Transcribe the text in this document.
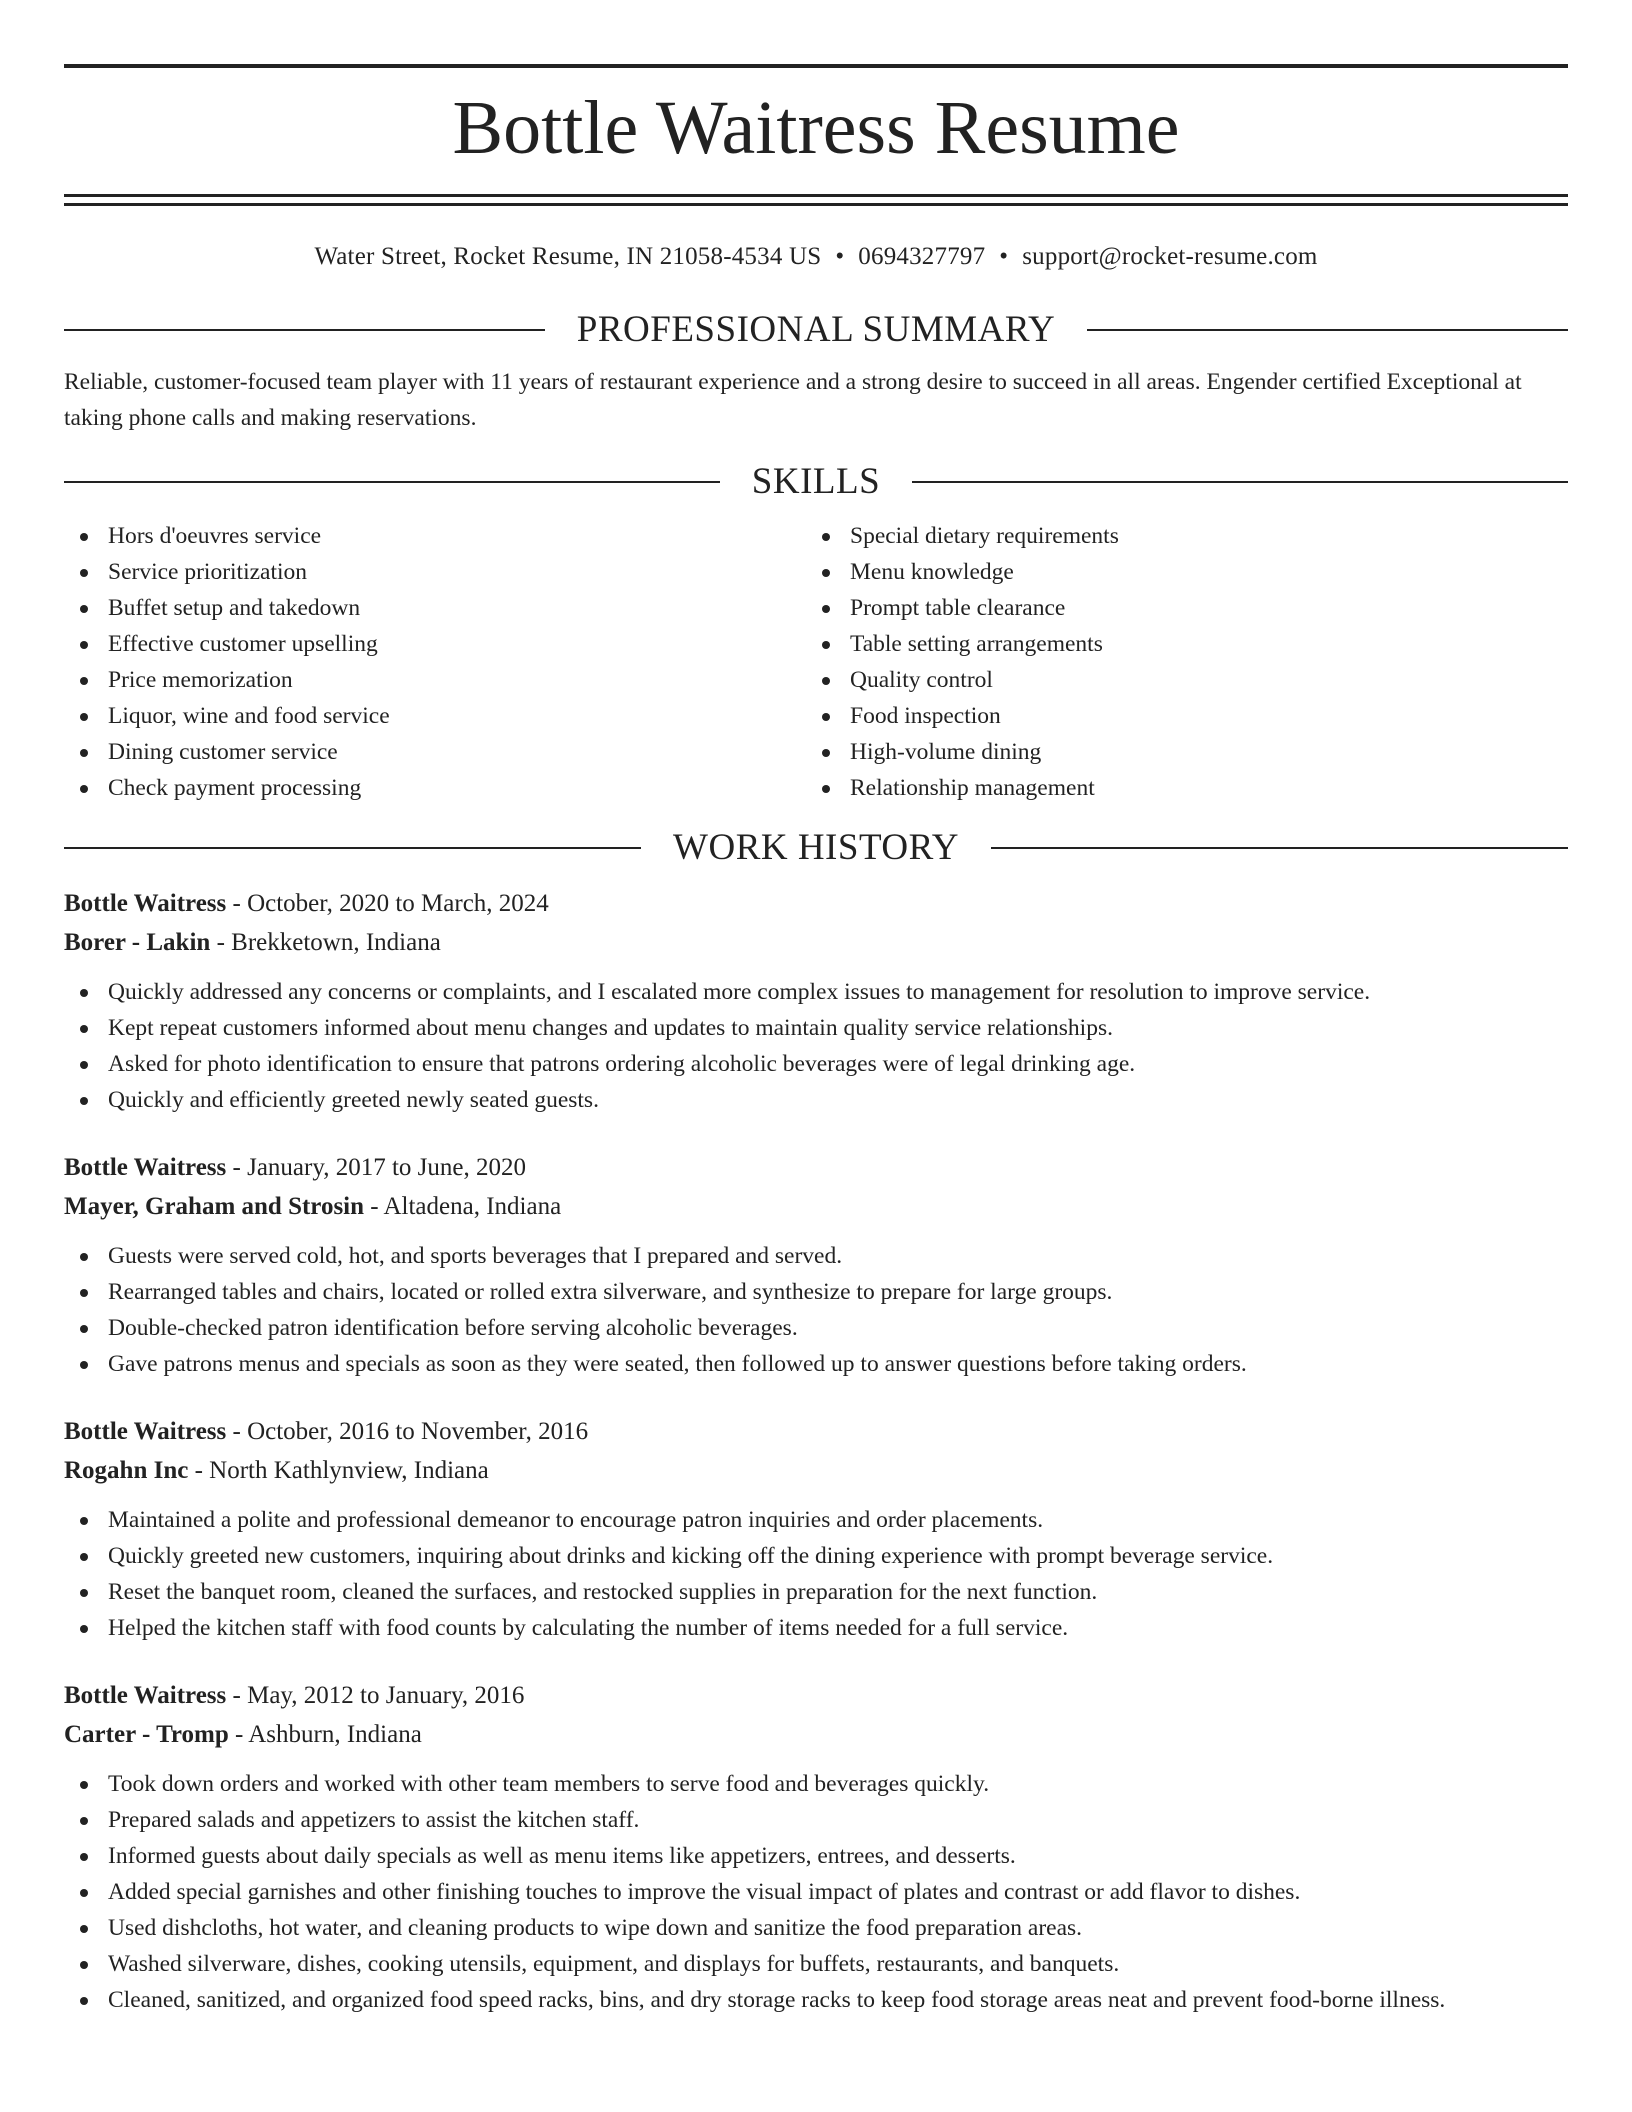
Bottle Waitress Resume
Water Street, Rocket Resume, IN 21058-4534 US • 0694327797 • support@rocket-resume.com
PROFESSIONAL SUMMARY

Reliable, customer-focused team player with 11 years of restaurant experience and a strong desire to succeed in all areas. Engender certified Exceptional at taking phone calls and making reservations.

SKILLS
Hors d'oeuvres service
Service prioritization
Buffet setup and takedown
Effective customer upselling
Price memorization
Liquor, wine and food service
Dining customer service
Check payment processing
Special dietary requirements
Menu knowledge
Prompt table clearance
Table setting arrangements
Quality control
Food inspection
High-volume dining
Relationship management
WORK HISTORY
Bottle Waitress - October, 2020 to March, 2024
Borer - Lakin - Brekketown, Indiana
Quickly addressed any concerns or complaints, and I escalated more complex issues to management for resolution to improve service.
Kept repeat customers informed about menu changes and updates to maintain quality service relationships.
Asked for photo identification to ensure that patrons ordering alcoholic beverages were of legal drinking age.
Quickly and efficiently greeted newly seated guests.
Bottle Waitress - January, 2017 to June, 2020
Mayer, Graham and Strosin - Altadena, Indiana
Guests were served cold, hot, and sports beverages that I prepared and served.
Rearranged tables and chairs, located or rolled extra silverware, and synthesize to prepare for large groups.
Double-checked patron identification before serving alcoholic beverages.
Gave patrons menus and specials as soon as they were seated, then followed up to answer questions before taking orders.
Bottle Waitress - October, 2016 to November, 2016
Rogahn Inc - North Kathlynview, Indiana
Maintained a polite and professional demeanor to encourage patron inquiries and order placements.
Quickly greeted new customers, inquiring about drinks and kicking off the dining experience with prompt beverage service.
Reset the banquet room, cleaned the surfaces, and restocked supplies in preparation for the next function.
Helped the kitchen staff with food counts by calculating the number of items needed for a full service.
Bottle Waitress - May, 2012 to January, 2016
Carter - Tromp - Ashburn, Indiana
Took down orders and worked with other team members to serve food and beverages quickly.
Prepared salads and appetizers to assist the kitchen staff.
Informed guests about daily specials as well as menu items like appetizers, entrees, and desserts.
Added special garnishes and other finishing touches to improve the visual impact of plates and contrast or add flavor to dishes.
Used dishcloths, hot water, and cleaning products to wipe down and sanitize the food preparation areas.
Washed silverware, dishes, cooking utensils, equipment, and displays for buffets, restaurants, and banquets.
Cleaned, sanitized, and organized food speed racks, bins, and dry storage racks to keep food storage areas neat and prevent food-borne illness.
